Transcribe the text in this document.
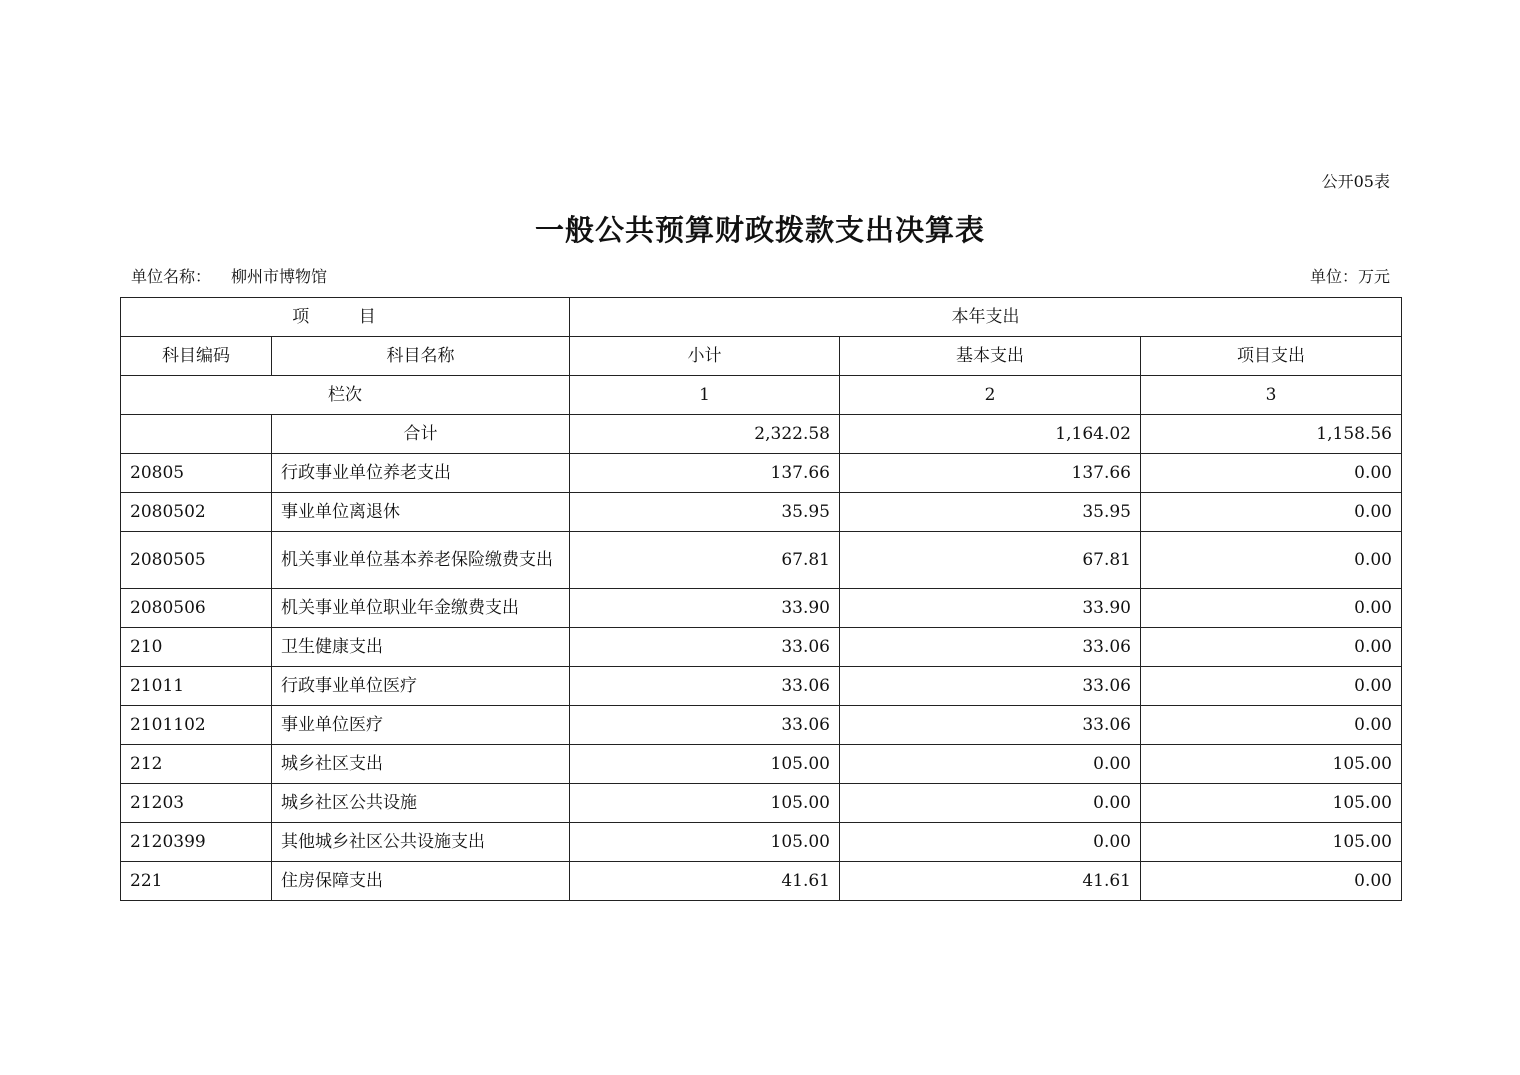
公开05表
一般公共预算财政拨款支出决算表
单位名称： 柳州市博物馆	单位：万元
项 目		本年支出		
科目编码	科目名称	小计	基本支出	项目支出
栏次		1	2	3
	合计	2,322.58	1,164.02	1,158.56
20805	行政事业单位养老支出	137.66	137.66	0.00
2080502	事业单位离退休	35.95	35.95	0.00
2080505	机关事业单位基本养老保险缴费支出	67.81	67.81	0.00
2080506	机关事业单位职业年金缴费支出	33.90	33.90	0.00
210	卫生健康支出	33.06	33.06	0.00
21011	行政事业单位医疗	33.06	33.06	0.00
2101102	事业单位医疗	33.06	33.06	0.00
212	城乡社区支出	105.00	0.00	105.00
21203	城乡社区公共设施	105.00	0.00	105.00
2120399	其他城乡社区公共设施支出	105.00	0.00	105.00
221	住房保障支出	41.61	41.61	0.00
